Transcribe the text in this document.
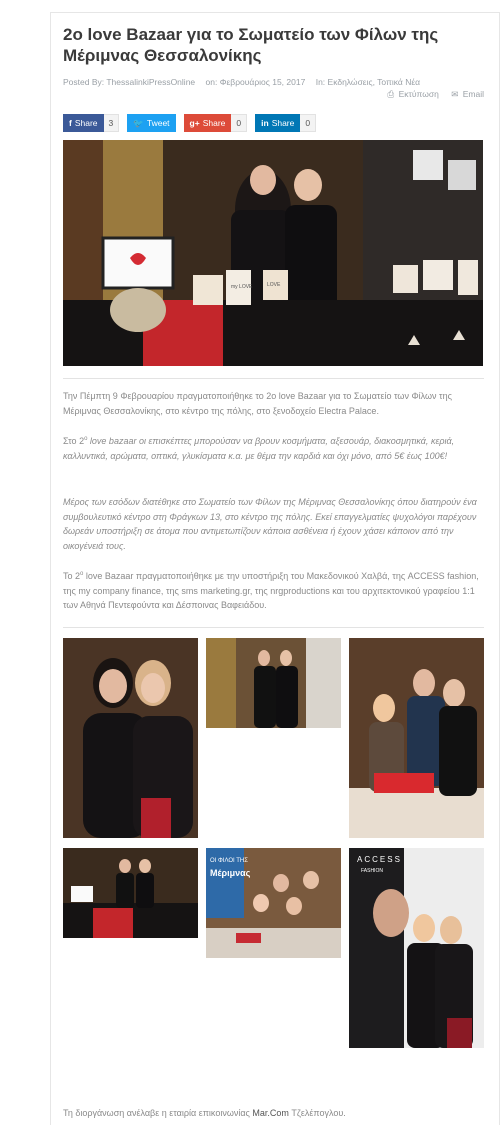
2o love Bazaar για το Σωματείο των Φίλων της Μέριμνας Θεσσαλονίκης
Posted By: ThessalinkiPressOnline on: Φεβρουάριος 15, 2017 In: Εκδηλώσεις, Τοπικά Νέα
⎙ Εκτύπωση ✉ Email
f Share	3	🐦 Tweet g+ Share	0	in Share	0
my LOVE	LOVE

Την Πέμπτη 9 Φεβρουαρίου πραγματοποιήθηκε το 2ο love Bazaar για το Σωματείο των Φίλων της Μέριμνας Θεσσαλονίκης, στο κέντρο της πόλης, στο ξενοδοχείο Electra Palace.

Στο $2^o$ love bazaar οι επισκέπτες μπορούσαν να βρουν κοσμήματα, αξεσουάρ, διακοσμητικά, κεριά, καλλυντικά, αρώματα, οπτικά, γλυκίσματα κ.α. με θέμα την καρδιά και όχι μόνο, από 5€ έως 100€!

Μέρος των εσόδων διατέθηκε στο Σωματείο των Φίλων της Μέριμνας Θεσσαλονίκης όπου διατηρούν ένα συμβουλευτικό κέντρο στη Φράγκων 13, στο κέντρο της πόλης. Εκεί επαγγελματίες ψυχολόγοι παρέχουν δωρεάν υποστήριξη σε άτομα που αντιμετωπίζουν κάποια ασθένεια ή έχουν χάσει κάποιον από την οικογένειά τους.

Το $2^o$ love Bazaar πραγματοποιήθηκε με την υποστήριξη του Μακεδονικού Χαλβά, της ACCESS fashion, της my company finance, της sms marketing.gr, της nrgproductions και του αρχιτεκτονικού γραφείου 1:1 των Αθηνά Πεντεφούντα και Δέσποινας Βαφειάδου.

ΟΙ ΦΙΛΟΙ ΤΗΣ
Μέριμνας
ACCESS
FASHION
Τη διοργάνωση ανέλαβε η εταιρία επικοινωνίας Mar.Com Τζελέπογλου.
